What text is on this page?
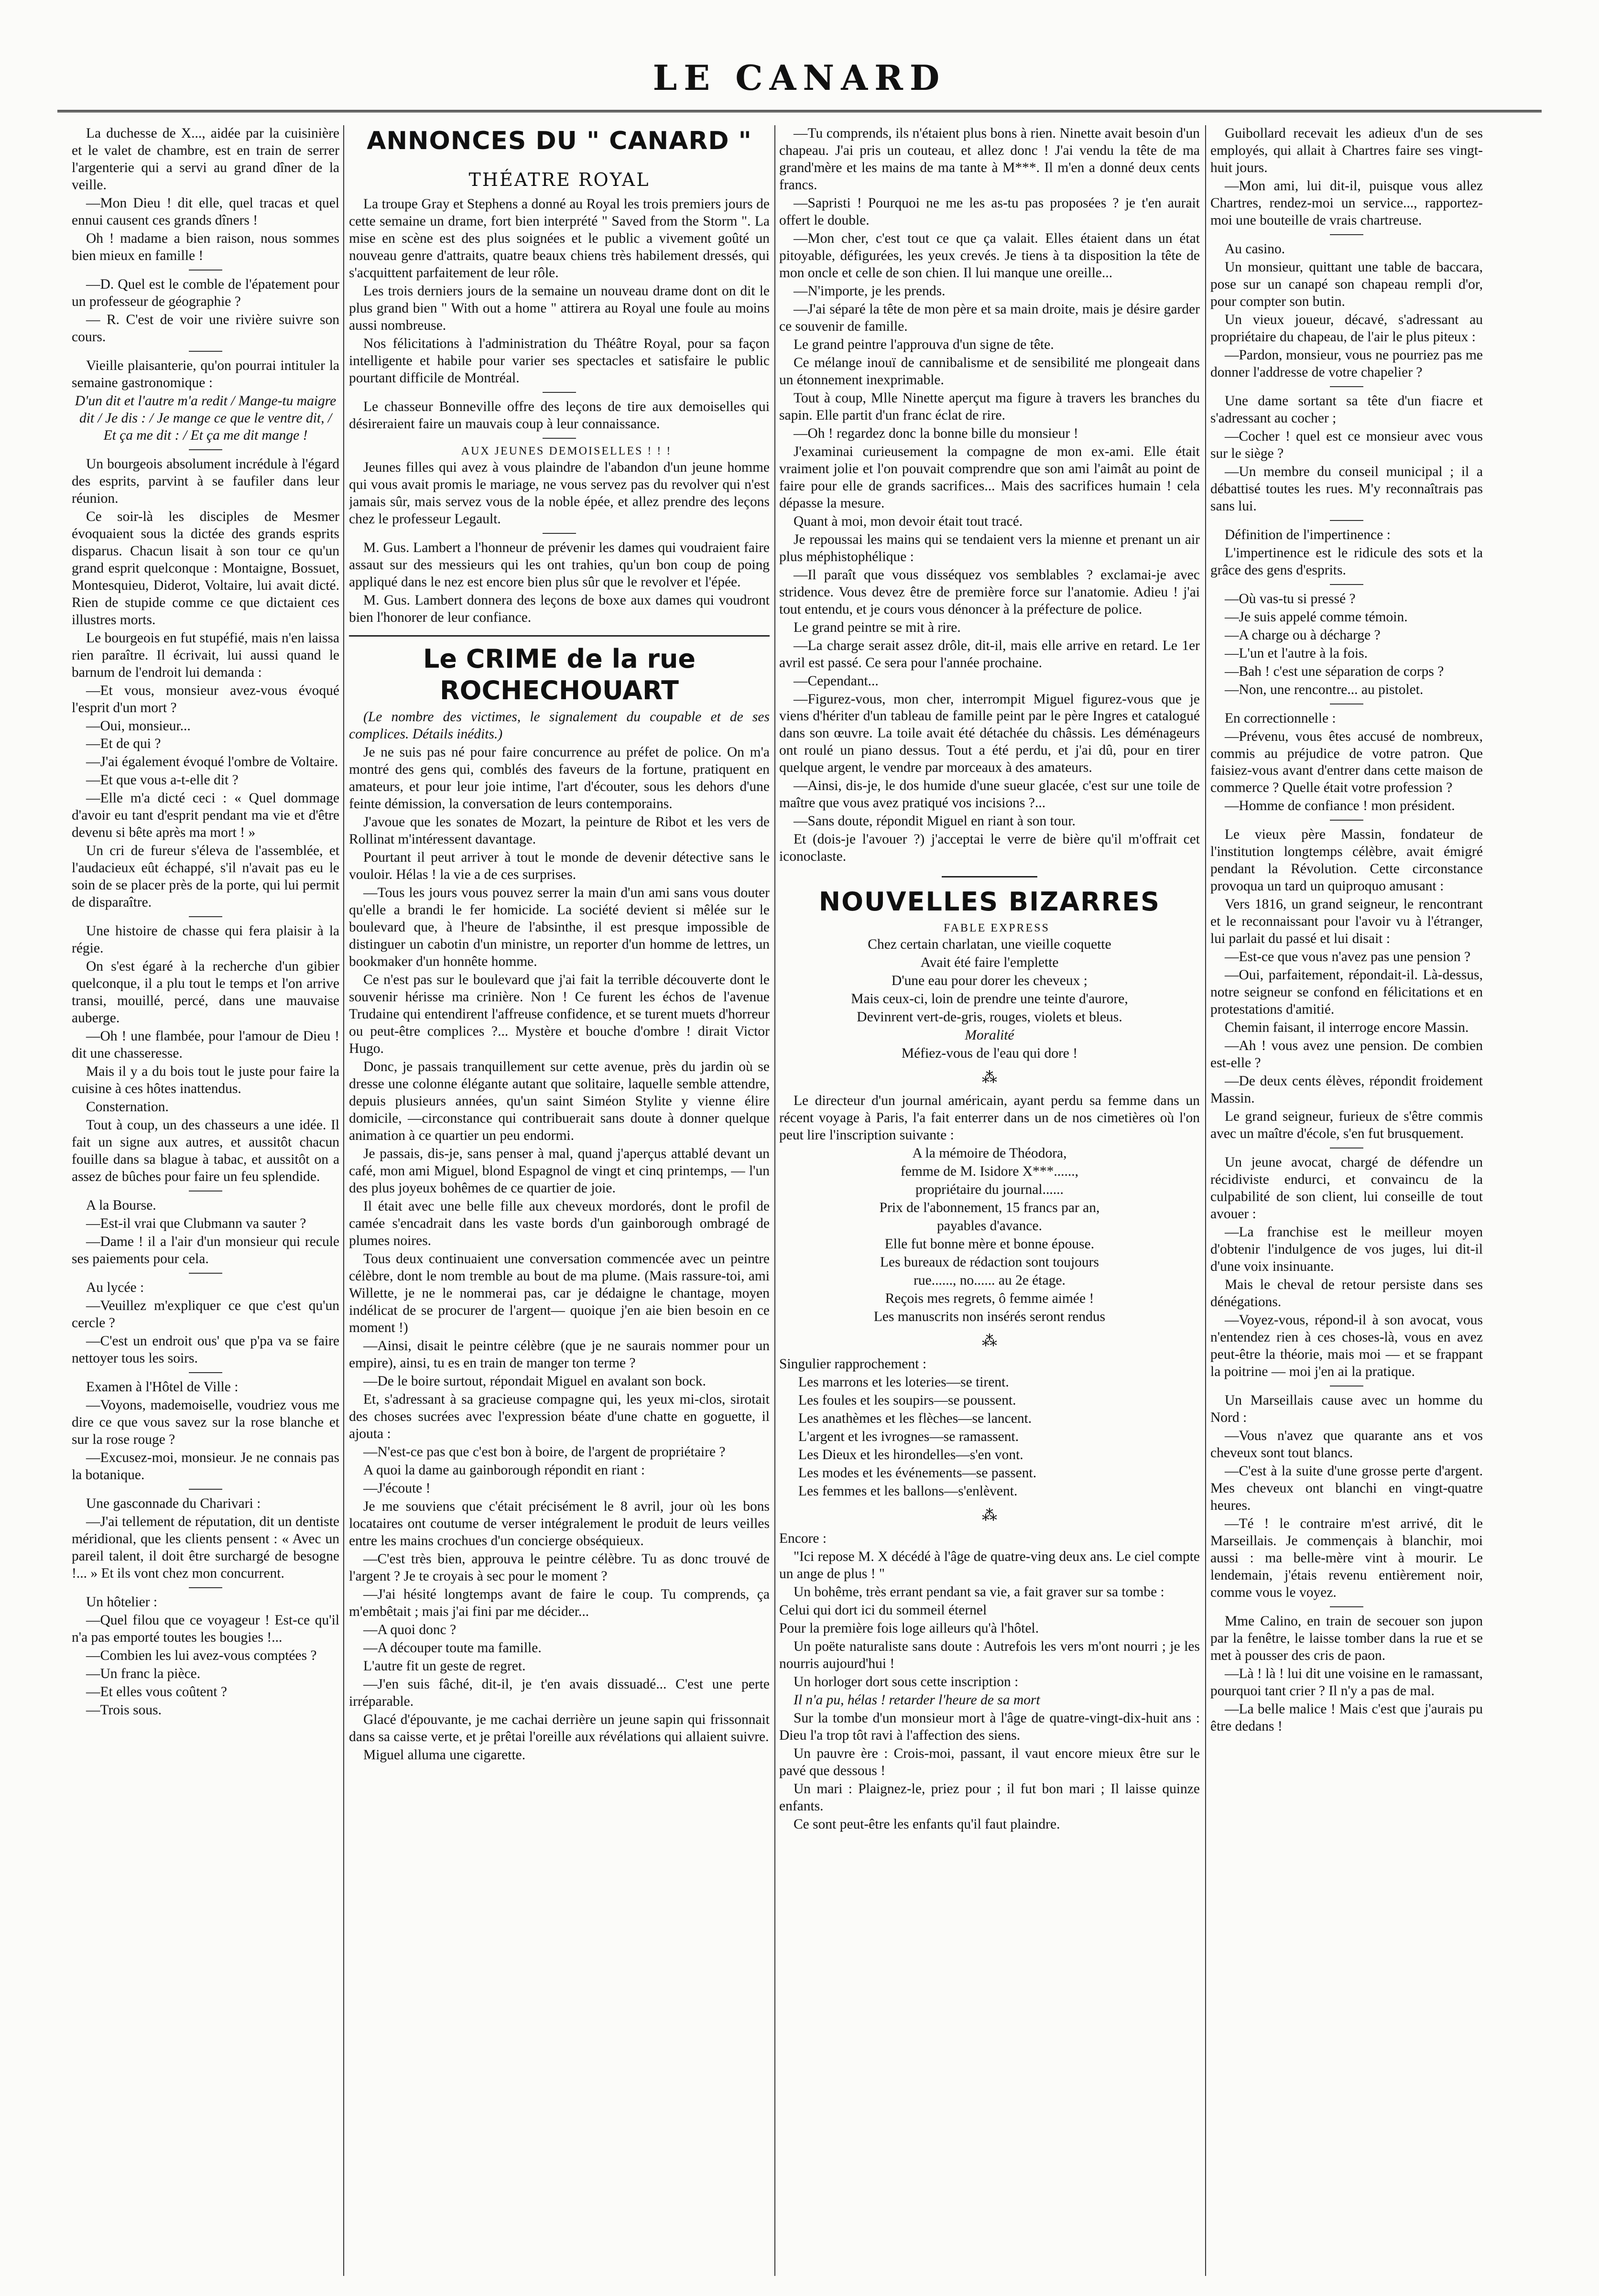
LE CANARD

La duchesse de X..., aidée par la cuisinière et le valet de chambre, est en train de serrer l'argenterie qui a servi au grand dîner de la veille.

—Mon Dieu ! dit elle, quel tracas et quel ennui causent ces grands dîners !

Oh ! madame a bien raison, nous sommes bien mieux en famille !

—D. Quel est le comble de l'épatement pour un professeur de géographie ?

— R. C'est de voir une rivière suivre son cours.

Vieille plaisanterie, qu'on pourrai intituler la semaine gastronomique :

D'un dit et l'autre m'a redit / Mange-tu maigre dit / Je dis : / Je mange ce que le ventre dit, / Et ça me dit : / Et ça me dit mange !

Un bourgeois absolument incrédule à l'égard des esprits, parvint à se faufiler dans leur réunion.

Ce soir-là les disciples de Mesmer évoquaient sous la dictée des grands esprits disparus. Chacun lisait à son tour ce qu'un grand esprit quelconque : Montaigne, Bossuet, Montesquieu, Diderot, Voltaire, lui avait dicté. Rien de stupide comme ce que dictaient ces illustres morts.

Le bourgeois en fut stupéfié, mais n'en laissa rien paraître. Il écrivait, lui aussi quand le barnum de l'endroit lui demanda :

—Et vous, monsieur avez-vous évoqué l'esprit d'un mort ?

—Oui, monsieur...

—Et de qui ?

—J'ai également évoqué l'ombre de Voltaire.

—Et que vous a-t-elle dit ?

—Elle m'a dicté ceci : « Quel dommage d'avoir eu tant d'esprit pendant ma vie et d'être devenu si bête après ma mort ! »

Un cri de fureur s'éleva de l'assemblée, et l'audacieux eût échappé, s'il n'avait pas eu le soin de se placer près de la porte, qui lui permit de disparaître.

Une histoire de chasse qui fera plaisir à la régie.

On s'est égaré à la recherche d'un gibier quelconque, il a plu tout le temps et l'on arrive transi, mouillé, percé, dans une mauvaise auberge.

—Oh ! une flambée, pour l'amour de Dieu ! dit une chasseresse.

Mais il y a du bois tout le juste pour faire la cuisine à ces hôtes inattendus.

Consternation.

Tout à coup, un des chasseurs a une idée. Il fait un signe aux autres, et aussitôt chacun fouille dans sa blague à tabac, et aussitôt on a assez de bûches pour faire un feu splendide.

A la Bourse.

—Est-il vrai que Clubmann va sauter ?

—Dame ! il a l'air d'un monsieur qui recule ses paiements pour cela.

Au lycée :

—Veuillez m'expliquer ce que c'est qu'un cercle ?

—C'est un endroit ous' que p'pa va se faire nettoyer tous les soirs.

Examen à l'Hôtel de Ville :

—Voyons, mademoiselle, voudriez vous me dire ce que vous savez sur la rose blanche et sur la rose rouge ?

—Excusez-moi, monsieur. Je ne connais pas la botanique.

Une gasconnade du Charivari :

—J'ai tellement de réputation, dit un dentiste méridional, que les clients pensent : « Avec un pareil talent, il doit être surchargé de besogne !... » Et ils vont chez mon concurrent.

Un hôtelier :

—Quel filou que ce voyageur ! Est-ce qu'il n'a pas emporté toutes les bougies !...

—Combien les lui avez-vous comptées ?

—Un franc la pièce.

—Et elles vous coûtent ?

—Trois sous.

ANNONCES DU " CANARD "
THÉATRE ROYAL

La troupe Gray et Stephens a donné au Royal les trois premiers jours de cette semaine un drame, fort bien interprété " Saved from the Storm ". La mise en scène est des plus soignées et le public a vivement goûté un nouveau genre d'attraits, quatre beaux chiens très habilement dressés, qui s'acquittent parfaitement de leur rôle.

Les trois derniers jours de la semaine un nouveau drame dont on dit le plus grand bien " With out a home " attirera au Royal une foule au moins aussi nombreuse.

Nos félicitations à l'administration du Théâtre Royal, pour sa façon intelligente et habile pour varier ses spectacles et satisfaire le public pourtant difficile de Montréal.

Le chasseur Bonneville offre des leçons de tire aux demoiselles qui désireraient faire un mauvais coup à leur connaissance.

AUX JEUNES DEMOISELLES ! ! !

Jeunes filles qui avez à vous plaindre de l'abandon d'un jeune homme qui vous avait promis le mariage, ne vous servez pas du revolver qui n'est jamais sûr, mais servez vous de la noble épée, et allez prendre des leçons chez le professeur Legault.

M. Gus. Lambert a l'honneur de prévenir les dames qui voudraient faire assaut sur des messieurs qui les ont trahies, qu'un bon coup de poing appliqué dans le nez est encore bien plus sûr que le revolver et l'épée.

M. Gus. Lambert donnera des leçons de boxe aux dames qui voudront bien l'honorer de leur confiance.

Le CRIME de la rue ROCHECHOUART

(Le nombre des victimes, le signalement du coupable et de ses complices. Détails inédits.)

Je ne suis pas né pour faire concurrence au préfet de police. On m'a montré des gens qui, comblés des faveurs de la fortune, pratiquent en amateurs, et pour leur joie intime, l'art d'écouter, sous les dehors d'une feinte démission, la conversation de leurs contemporains.

J'avoue que les sonates de Mozart, la peinture de Ribot et les vers de Rollinat m'intéressent davantage.

Pourtant il peut arriver à tout le monde de devenir détective sans le vouloir. Hélas ! la vie a de ces surprises.

—Tous les jours vous pouvez serrer la main d'un ami sans vous douter qu'elle a brandi le fer homicide. La société devient si mêlée sur le boulevard que, à l'heure de l'absinthe, il est presque impossible de distinguer un cabotin d'un ministre, un reporter d'un homme de lettres, un bookmaker d'un honnête homme.

Ce n'est pas sur le boulevard que j'ai fait la terrible découverte dont le souvenir hérisse ma crinière. Non ! Ce furent les échos de l'avenue Trudaine qui entendirent l'affreuse confidence, et se turent muets d'horreur ou peut-être complices ?... Mystère et bouche d'ombre ! dirait Victor Hugo.

Donc, je passais tranquillement sur cette avenue, près du jardin où se dresse une colonne élégante autant que solitaire, laquelle semble attendre, depuis plusieurs années, qu'un saint Siméon Stylite y vienne élire domicile, —circonstance qui contribuerait sans doute à donner quelque animation à ce quartier un peu endormi.

Je passais, dis-je, sans penser à mal, quand j'aperçus attablé devant un café, mon ami Miguel, blond Espagnol de vingt et cinq printemps, — l'un des plus joyeux bohêmes de ce quartier de joie.

Il était avec une belle fille aux cheveux mordorés, dont le profil de camée s'encadrait dans les vaste bords d'un gainborough ombragé de plumes noires.

Tous deux continuaient une conversation commencée avec un peintre célèbre, dont le nom tremble au bout de ma plume. (Mais rassure-toi, ami Willette, je ne le nommerai pas, car je dédaigne le chantage, moyen indélicat de se procurer de l'argent— quoique j'en aie bien besoin en ce moment !)

—Ainsi, disait le peintre célèbre (que je ne saurais nommer pour un empire), ainsi, tu es en train de manger ton terme ?

—De le boire surtout, répondait Miguel en avalant son bock.

Et, s'adressant à sa gracieuse compagne qui, les yeux mi-clos, sirotait des choses sucrées avec l'expression béate d'une chatte en goguette, il ajouta :

—N'est-ce pas que c'est bon à boire, de l'argent de propriétaire ?

A quoi la dame au gainborough répondit en riant :

—J'écoute !

Je me souviens que c'était précisément le 8 avril, jour où les bons locataires ont coutume de verser intégralement le produit de leurs veilles entre les mains crochues d'un concierge obséquieux.

—C'est très bien, approuva le peintre célèbre. Tu as donc trouvé de l'argent ? Je te croyais à sec pour le moment ?

—J'ai hésité longtemps avant de faire le coup. Tu comprends, ça m'embêtait ; mais j'ai fini par me décider...

—A quoi donc ?

—A découper toute ma famille.

L'autre fit un geste de regret.

—J'en suis fâché, dit-il, je t'en avais dissuadé... C'est une perte irréparable.

Glacé d'épouvante, je me cachai derrière un jeune sapin qui frissonnait dans sa caisse verte, et je prêtai l'oreille aux révélations qui allaient suivre.

Miguel alluma une cigarette.

—Tu comprends, ils n'étaient plus bons à rien. Ninette avait besoin d'un chapeau. J'ai pris un couteau, et allez donc ! J'ai vendu la tête de ma grand'mère et les mains de ma tante à M***. Il m'en a donné deux cents francs.

—Sapristi ! Pourquoi ne me les as-tu pas proposées ? je t'en aurait offert le double.

—Mon cher, c'est tout ce que ça valait. Elles étaient dans un état pitoyable, défigurées, les yeux crevés. Je tiens à ta disposition la tête de mon oncle et celle de son chien. Il lui manque une oreille...

—N'importe, je les prends.

—J'ai séparé la tête de mon père et sa main droite, mais je désire garder ce souvenir de famille.

Le grand peintre l'approuva d'un signe de tête.

Ce mélange inouï de cannibalisme et de sensibilité me plongeait dans un étonnement inexprimable.

Tout à coup, Mlle Ninette aperçut ma figure à travers les branches du sapin. Elle partit d'un franc éclat de rire.

—Oh ! regardez donc la bonne bille du monsieur !

J'examinai curieusement la compagne de mon ex-ami. Elle était vraiment jolie et l'on pouvait comprendre que son ami l'aimât au point de faire pour elle de grands sacrifices... Mais des sacrifices humain ! cela dépasse la mesure.

Quant à moi, mon devoir était tout tracé.

Je repoussai les mains qui se tendaient vers la mienne et prenant un air plus méphistophélique :

—Il paraît que vous disséquez vos semblables ? exclamai-je avec stridence. Vous devez être de première force sur l'anatomie. Adieu ! j'ai tout entendu, et je cours vous dénoncer à la préfecture de police.

Le grand peintre se mit à rire.

—La charge serait assez drôle, dit-il, mais elle arrive en retard. Le 1er avril est passé. Ce sera pour l'année prochaine.

—Cependant...

—Figurez-vous, mon cher, interrompit Miguel figurez-vous que je viens d'hériter d'un tableau de famille peint par le père Ingres et catalogué dans son œuvre. La toile avait été détachée du châssis. Les déménageurs ont roulé un piano dessus. Tout a été perdu, et j'ai dû, pour en tirer quelque argent, le vendre par morceaux à des amateurs.

—Ainsi, dis-je, le dos humide d'une sueur glacée, c'est sur une toile de maître que vous avez pratiqué vos incisions ?...

—Sans doute, répondit Miguel en riant à son tour.

Et (dois-je l'avouer ?) j'acceptai le verre de bière qu'il m'offrait cet iconoclaste.

NOUVELLES BIZARRES

FABLE EXPRESS

Chez certain charlatan, une vieille coquette

Avait été faire l'emplette

D'une eau pour dorer les cheveux ;

Mais ceux-ci, loin de prendre une teinte d'aurore,

Devinrent vert-de-gris, rouges, violets et bleus.

Moralité

Méfiez-vous de l'eau qui dore !

⁂

Le directeur d'un journal américain, ayant perdu sa femme dans un récent voyage à Paris, l'a fait enterrer dans un de nos cimetières où l'on peut lire l'inscription suivante :

A la mémoire de Théodora,

femme de M. Isidore X***......,

propriétaire du journal......

Prix de l'abonnement, 15 francs par an,

payables d'avance.

Elle fut bonne mère et bonne épouse.

Les bureaux de rédaction sont toujours

rue......, no...... au 2e étage.

Reçois mes regrets, ô femme aimée !

Les manuscrits non insérés seront rendus

⁂

Singulier rapprochement :

Les marrons et les loteries—se tirent.

Les foules et les soupirs—se poussent.

Les anathèmes et les flèches—se lancent.

L'argent et les ivrognes—se ramassent.

Les Dieux et les hirondelles—s'en vont.

Les modes et les événements—se passent.

Les femmes et les ballons—s'enlèvent.

⁂

Encore :

"Ici repose M. X décédé à l'âge de quatre-ving deux ans. Le ciel compte un ange de plus ! "

Un bohême, très errant pendant sa vie, a fait graver sur sa tombe :

Celui qui dort ici du sommeil éternel

Pour la première fois loge ailleurs qu'à l'hôtel.

Un poëte naturaliste sans doute : Autrefois les vers m'ont nourri ; je les nourris aujourd'hui !

Un horloger dort sous cette inscription :

Il n'a pu, hélas ! retarder l'heure de sa mort

Sur la tombe d'un monsieur mort à l'âge de quatre-vingt-dix-huit ans : Dieu l'a trop tôt ravi à l'affection des siens.

Un pauvre ère : Crois-moi, passant, il vaut encore mieux être sur le pavé que dessous !

Un mari : Plaignez-le, priez pour ; il fut bon mari ; Il laisse quinze enfants.

Ce sont peut-être les enfants qu'il faut plaindre.

Guibollard recevait les adieux d'un de ses employés, qui allait à Chartres faire ses vingt-huit jours.

—Mon ami, lui dit-il, puisque vous allez Chartres, rendez-moi un service..., rapportez-moi une bouteille de vrais chartreuse.

Au casino.

Un monsieur, quittant une table de baccara, pose sur un canapé son chapeau rempli d'or, pour compter son butin.

Un vieux joueur, décavé, s'adressant au propriétaire du chapeau, de l'air le plus piteux :

—Pardon, monsieur, vous ne pourriez pas me donner l'addresse de votre chapelier ?

Une dame sortant sa tête d'un fiacre et s'adressant au cocher ;

—Cocher ! quel est ce monsieur avec vous sur le siège ?

—Un membre du conseil municipal ; il a débattisé toutes les rues. M'y reconnaîtrais pas sans lui.

Définition de l'impertinence :

L'impertinence est le ridicule des sots et la grâce des gens d'esprits.

—Où vas-tu si pressé ?

—Je suis appelé comme témoin.

—A charge ou à décharge ?

—L'un et l'autre à la fois.

—Bah ! c'est une séparation de corps ?

—Non, une rencontre... au pistolet.

En correctionnelle :

—Prévenu, vous êtes accusé de nombreux, commis au préjudice de votre patron. Que faisiez-vous avant d'entrer dans cette maison de commerce ? Quelle était votre profession ?

—Homme de confiance ! mon président.

Le vieux père Massin, fondateur de l'institution longtemps célèbre, avait émigré pendant la Révolution. Cette circonstance provoqua un tard un quiproquo amusant :

Vers 1816, un grand seigneur, le rencontrant et le reconnaissant pour l'avoir vu à l'étranger, lui parlait du passé et lui disait :

—Est-ce que vous n'avez pas une pension ?

—Oui, parfaitement, répondait-il. Là-dessus, notre seigneur se confond en félicitations et en protestations d'amitié.

Chemin faisant, il interroge encore Massin.

—Ah ! vous avez une pension. De combien est-elle ?

—De deux cents élèves, répondit froidement Massin.

Le grand seigneur, furieux de s'être commis avec un maître d'école, s'en fut brusquement.

Un jeune avocat, chargé de défendre un récidiviste endurci, et convaincu de la culpabilité de son client, lui conseille de tout avouer :

—La franchise est le meilleur moyen d'obtenir l'indulgence de vos juges, lui dit-il d'une voix insinuante.

Mais le cheval de retour persiste dans ses dénégations.

—Voyez-vous, répond-il à son avocat, vous n'entendez rien à ces choses-là, vous en avez peut-être la théorie, mais moi — et se frappant la poitrine — moi j'en ai la pratique.

Un Marseillais cause avec un homme du Nord :

—Vous n'avez que quarante ans et vos cheveux sont tout blancs.

—C'est à la suite d'une grosse perte d'argent. Mes cheveux ont blanchi en vingt-quatre heures.

—Té ! le contraire m'est arrivé, dit le Marseillais. Je commençais à blanchir, moi aussi : ma belle-mère vint à mourir. Le lendemain, j'étais revenu entièrement noir, comme vous le voyez.

Mme Calino, en train de secouer son jupon par la fenêtre, le laisse tomber dans la rue et se met à pousser des cris de paon.

—Là ! là ! lui dit une voisine en le ramassant, pourquoi tant crier ? Il n'y a pas de mal.

—La belle malice ! Mais c'est que j'aurais pu être dedans !
